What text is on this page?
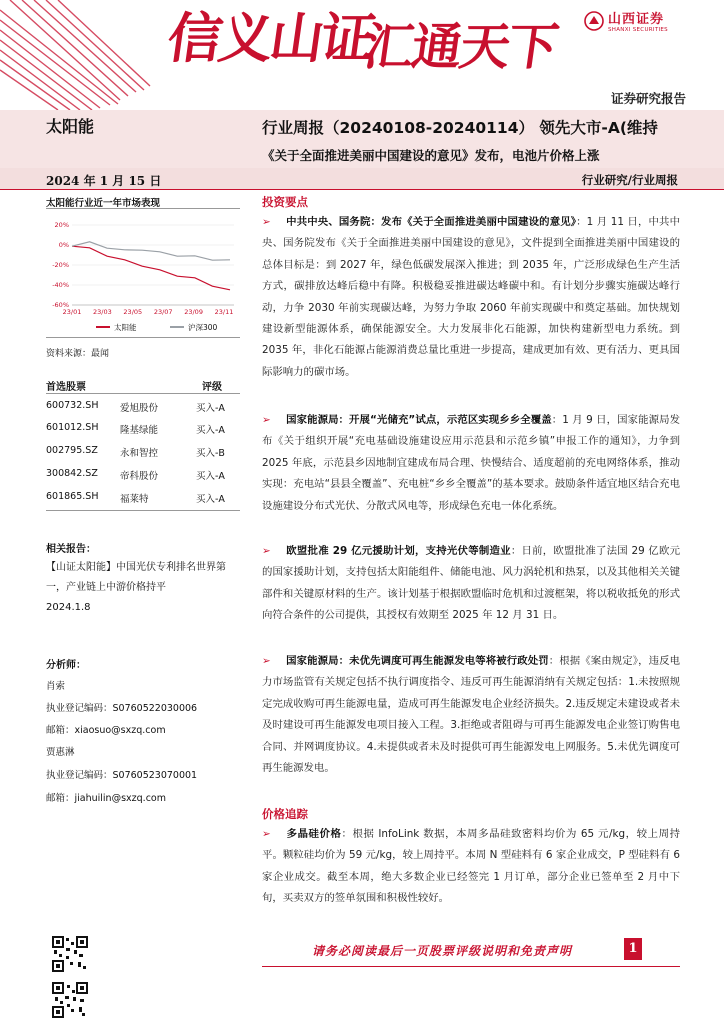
信义山证
汇通天下	山西证券
SHANXI SECURITIES
证券研究报告
太阳能	行业周报（20240108-20240114） 领先大市-A(维持
《关于全面推进美丽中国建设的意见》发布，电池片价格上涨
2024 年 1 月 15 日	行业研究/行业周报
太阳能行业近一年市场表现
20%
0%
-20%
-40%
-60%
23/01 23/03 23/05 23/07 23/09 23/11
太阳能	沪深300
资料来源：最闻
首选股票	评级
600732.SH 爱旭股份	买入-A
601012.SH 隆基绿能	买入-A
002795.SZ 永和智控	买入-B
300842.SZ 帝科股份	买入-A
601865.SH 福莱特	买入-A
相关报告：
【山证太阳能】中国光伏专利排名世界第一，产业链上中游价格持平
2024.1.8
分析师：
肖索
执业登记编码：S0760522030006
邮箱：xiaosuo@sxzq.com
贾惠淋
执业登记编码：S0760523070001
邮箱：jiahuilin@sxzq.com
投资要点
➢ 中共中央、国务院：发布《关于全面推进美丽中国建设的意见》：1 月 11 日，中共中央、国务院发布《关于全面推进美丽中国建设的意见》，文件提到全面推进美丽中国建设的总体目标是：到 2027 年，绿色低碳发展深入推进；到 2035 年，广泛形成绿色生产生活方式，碳排放达峰后稳中有降。积极稳妥推进碳达峰碳中和。有计划分步骤实施碳达峰行动，力争 2030 年前实现碳达峰，为努力争取 2060 年前实现碳中和奠定基础。加快规划建设新型能源体系，确保能源安全。大力发展非化石能源，加快构建新型电力系统。到 2035 年，非化石能源占能源消费总量比重进一步提高，建成更加有效、更有活力、更具国际影响力的碳市场。
➢ 国家能源局：开展“光储充”试点，示范区实现乡乡全覆盖：1 月 9 日，国家能源局发布《关于组织开展“充电基础设施建设应用示范县和示范乡镇”申报工作的通知》，力争到 2025 年底，示范县乡因地制宜建成布局合理、快慢结合、适度超前的充电网络体系，推动实现：充电站“县县全覆盖”、充电桩“乡乡全覆盖”的基本要求。鼓励条件适宜地区结合充电设施建设分布式光伏、分散式风电等，形成绿色充电一体化系统。
➢ 欧盟批准 29 亿元援助计划，支持光伏等制造业：日前，欧盟批准了法国 29 亿欧元的国家援助计划，支持包括太阳能组件、储能电池、风力涡轮机和热泵，以及其他相关关键部件和关键原材料的生产。该计划基于根据欧盟临时危机和过渡框架，将以税收抵免的形式向符合条件的公司提供，其授权有效期至 2025 年 12 月 31 日。
➢ 国家能源局：未优先调度可再生能源发电等将被行政处罚：根据《案由规定》，违反电力市场监管有关规定包括不执行调度指令、违反可再生能源消纳有关规定包括：1.未按照规定完成收购可再生能源电量，造成可再生能源发电企业经济损失。2.违反规定未建设或者未及时建设可再生能源发电项目接入工程。3.拒绝或者阻碍与可再生能源发电企业签订购售电合同、并网调度协议。4.未提供或者未及时提供可再生能源发电上网服务。5.未优先调度可再生能源发电。
价格追踪
➢ 多晶硅价格：根据 InfoLink 数据，本周多晶硅致密料均价为 65 元/kg，较上周持平。颗粒硅均价为 59 元/kg，较上周持平。本周 N 型硅料有 6 家企业成交，P 型硅料有 6 家企业成交。截至本周，绝大多数企业已经签完 1 月订单，部分企业已签单至 2 月中下旬，买卖双方的签单氛围和积极性较好。
请务必阅读最后一页股票评级说明和免责声明	1
